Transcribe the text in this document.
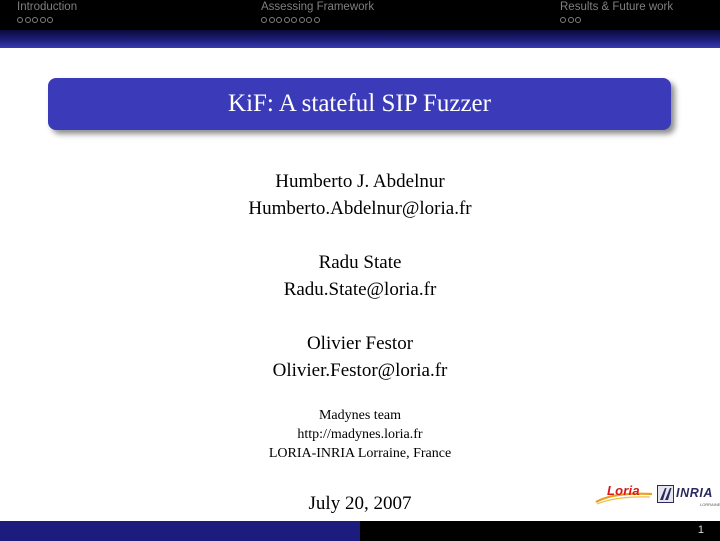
Introduction	Assessing Framework	Results & Future work
KiF: A stateful SIP Fuzzer
Humberto J. Abdelnur
Humberto.Abdelnur@loria.fr
Radu State
Radu.State@loria.fr
Olivier Festor
Olivier.Festor@loria.fr
Madynes team
http://madynes.loria.fr
LORIA-INRIA Lorraine, France
July 20, 2007
Loria	INRIA
LORRAINE
1
